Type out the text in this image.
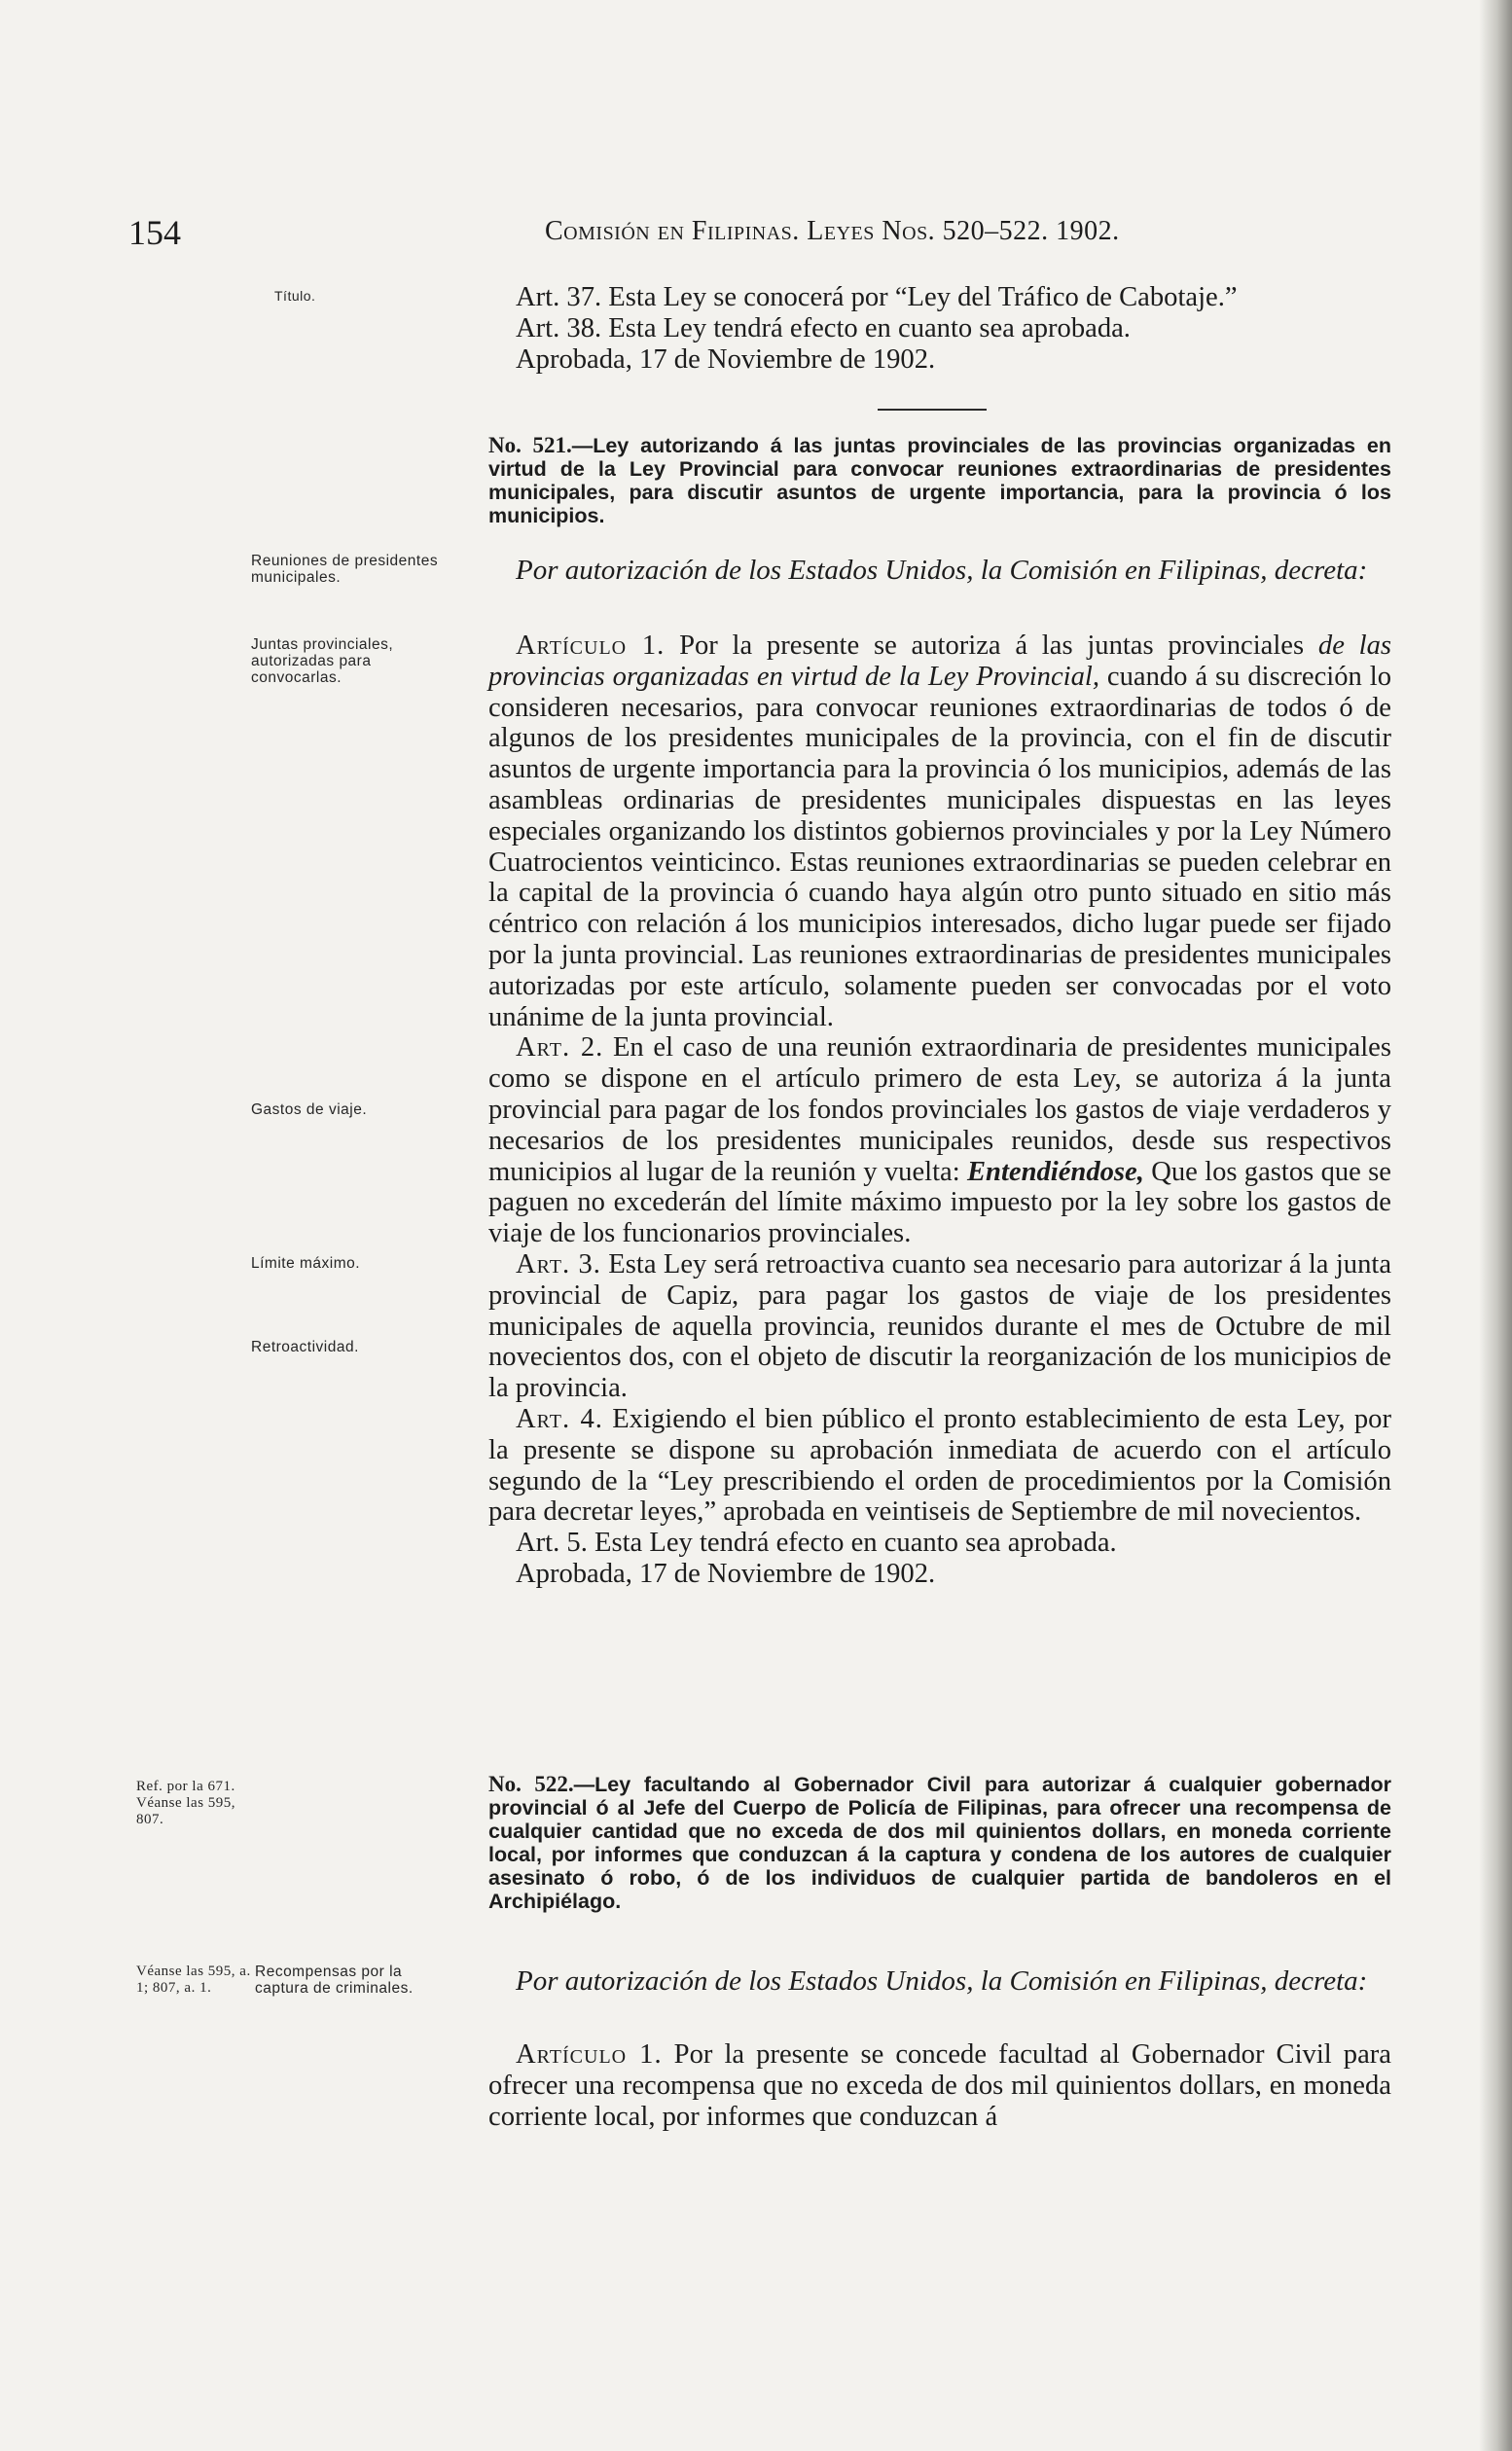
154	Comisión en Filipinas. Leyes Nos. 520–522. 1902.
Título.	Art. 37. Esta Ley se conocerá por “Ley del Tráfico de Cabotaje.”

Art. 38. Esta Ley tendrá efecto en cuanto sea aprobada.

Aprobada, 17 de Noviembre de 1902.

No. 521.—Ley autorizando á las juntas provinciales de las provincias organizadas en virtud de la Ley Provincial para convocar reuniones extraordinarias de presidentes municipales, para discutir asuntos de urgente importancia, para la provincia ó los municipios.
Reuniones de presidentes municipales.	Por autorización de los Estados Unidos, la Comisión en Filipinas, decreta:
Juntas provinciales, autorizadas para convocarlas.
Gastos de viaje.
Límite máximo.
Retroactividad.

Artículo 1. Por la presente se autoriza á las juntas provinciales de las provincias organizadas en virtud de la Ley Provincial, cuando á su discreción lo consideren necesarios, para convocar reuniones extraordinarias de todos ó de algunos de los presidentes municipales de la provincia, con el fin de discutir asuntos de urgente importancia para la provincia ó los municipios, además de las asambleas ordinarias de presidentes municipales dispuestas en las leyes especiales organizando los distintos gobiernos provinciales y por la Ley Número Cuatrocientos veinticinco. Estas reuniones extraordinarias se pueden celebrar en la capital de la provincia ó cuando haya algún otro punto situado en sitio más céntrico con relación á los municipios interesados, dicho lugar puede ser fijado por la junta provincial. Las reuniones extraordinarias de presidentes municipales autorizadas por este artículo, solamente pueden ser convocadas por el voto unánime de la junta provincial.

Art. 2. En el caso de una reunión extraordinaria de presidentes municipales como se dispone en el artículo primero de esta Ley, se autoriza á la junta provincial para pagar de los fondos provinciales los gastos de viaje verdaderos y necesarios de los presidentes municipales reunidos, desde sus respectivos municipios al lugar de la reunión y vuelta: Entendiéndose, Que los gastos que se paguen no excederán del límite máximo impuesto por la ley sobre los gastos de viaje de los funcionarios provinciales.

Art. 3. Esta Ley será retroactiva cuanto sea necesario para autorizar á la junta provincial de Capiz, para pagar los gastos de viaje de los presidentes municipales de aquella provincia, reunidos durante el mes de Octubre de mil novecientos dos, con el objeto de discutir la reorganización de los municipios de la provincia.

Art. 4. Exigiendo el bien público el pronto establecimiento de esta Ley, por la presente se dispone su aprobación inmediata de acuerdo con el artículo segundo de la “Ley prescribiendo el orden de procedimientos por la Comisión para decretar leyes,” aprobada en veintiseis de Septiembre de mil novecientos.

Art. 5. Esta Ley tendrá efecto en cuanto sea aprobada.

Aprobada, 17 de Noviembre de 1902.

Ref. por la 671. Véanse las 595, 807.
No. 522.—Ley facultando al Gobernador Civil para autorizar á cualquier gobernador provincial ó al Jefe del Cuerpo de Policía de Filipinas, para ofrecer una recompensa de cualquier cantidad que no exceda de dos mil quinientos dollars, en moneda corriente local, por informes que conduzcan á la captura y condena de los autores de cualquier asesinato ó robo, ó de los individuos de cualquier partida de bandoleros en el Archipiélago.
Véanse las 595, a. 1; 807, a. 1.
Recompensas por la captura de criminales.	Por autorización de los Estados Unidos, la Comisión en Filipinas, decreta:

Artículo 1. Por la presente se concede facultad al Gobernador Civil para ofrecer una recompensa que no exceda de dos mil quinientos dollars, en moneda corriente local, por informes que conduzcan á
